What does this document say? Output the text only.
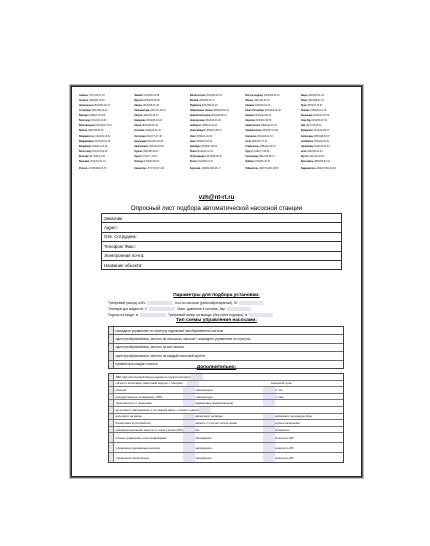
Алматы (727)345-47-04	Ижевск (3412)26-03-58	Магнитогорск (3519)55-03-13	Ростов-на-Дону (863)308-18-15	Тверь (4822)63-31-35
Ангарск (3955)60-70-56	Иркутск (395)279-98-46	Москва (495)268-04-70	Рязань (4912)46-61-64	Томск (3822)98-41-53
Архангельск (8182)63-90-72	Казань (843)206-01-48	Мурманск (8152)59-64-93	Самара (846)206-03-16	Тула (4872)33-79-87
Астрахань (8512)99-46-04	Калининград (4012)72-03-81	Набережные Челны (8552)20-53-41	Санкт-Петербург (812)309-46-40	Тюмень (3452)66-21-18
Барнаул (3852)73-04-60	Калуга (4842)92-23-67	Нижний Новгород (831)429-08-12	Саранск (8342)22-96-24	Ульяновск (8422)24-23-59
Белгород (4722)40-23-64	Кемерово (3842)65-04-62	Новокузнецк (3843)20-46-81	Саратов (845)249-38-78	Улан-Удэ (3012)59-97-51
Благовещенск (4162)22-76-07	Киров (8332)68-02-04	Ноябрьск (3496)41-32-12	Севастополь (8692)22-31-93	Уфа (347)229-48-12
Брянск (4832)59-03-52	Коломна (4966)23-41-49	Новосибирск (383)227-86-73	Симферополь (3652)67-13-56	Хабаровск (4212)92-98-04
Владивосток (423)249-28-31	Кострома (4942)77-07-48	Омск (3812)21-46-40	Смоленск (4812)29-41-54	Чебоксары (8352)28-53-07
Владикавказ (8672)28-90-48	Краснодар (861)203-40-90	Орел (4862)44-53-42	Сочи (862)225-72-31	Челябинск (351)202-03-61
Владимир (4922)49-43-18	Красноярск (391)204-63-61	Оренбург (3532)37-68-04	Ставрополь (8652)20-65-13	Череповец (8202)49-02-64
Волгоград (844)278-03-48	Курган (3522)50-90-47	Пенза (8412)22-31-16	Сургут (3462)77-98-35	Чита (3022)38-34-83
Вологда (8172)26-41-59	Курск (4712)77-13-04	Петрозаводск (8142)55-98-37	Сыктывкар (8212)25-95-17	Якутск (4112)23-90-97
Воронеж (473)204-51-73	Липецк (4742)52-20-81	Псков (8112)59-10-37	Тамбов (4752)50-40-97	Ярославль (4852)69-52-93
Россия +7(495)268-04-70	Казахстан +7(7172)727-132	Киргизия +996(312)96-26-47	Узбекистан +998(71)205-18-59	Таджикистан +992(427)82-92-69
vzh@nt-rt.ru
Опросный лист подбора автоматической насосной станции
Заказчик:
Адрес:
Отв. Сотрудник:
Телефон/ Факс:
Электронная почта:
Название объекта:
Параметры для подбора установки:
Требуемый расход, м3/ч	Кол-во насосов (рабочий/резервный), Ю
Температура жидкости, С	Макс. давление в системе, бар
Подпор на входе, м	Требуемый напор на выходе (без учета подпора), м
Тип схемы управления насосами:
каскадное управление по отрегулу отдельный преобразователь частоты
один преобразователь частоты на несколько насосов + каскадное управление по отрегулу
один преобразователь частоты на все насосы
один преобразователь частоты на каждый насосный агрегат
прямой пуск каждого насоса
Дополнительно:
АВР (автоматический ввод резервного электропитания)
сигнал о неполадке (защитный модуль + обогрев)	выносной пульт
обогрев	температура	С min
принудительное охлаждение, IP54	температура	С max
термозащита от перегрева	маркировка (взрывозащита)
мультиметр (напряжение и ток каждой фазы + сигнал подачи)
вольтметр на вводе	амперметр на вводе	амперметр на каждую фазу
блокировка (пульт/кабель)	защита от прочих потерь фазы	ручное включение
дифференциальная защита от токов утечки (УЗО)	мА	мгновенно
полное управление электродвижками	напряжение	мощность кВт
управление дренажным насосом	напряжение	мощность кВт
управление иной насосы	напряжение	мощность кВт
